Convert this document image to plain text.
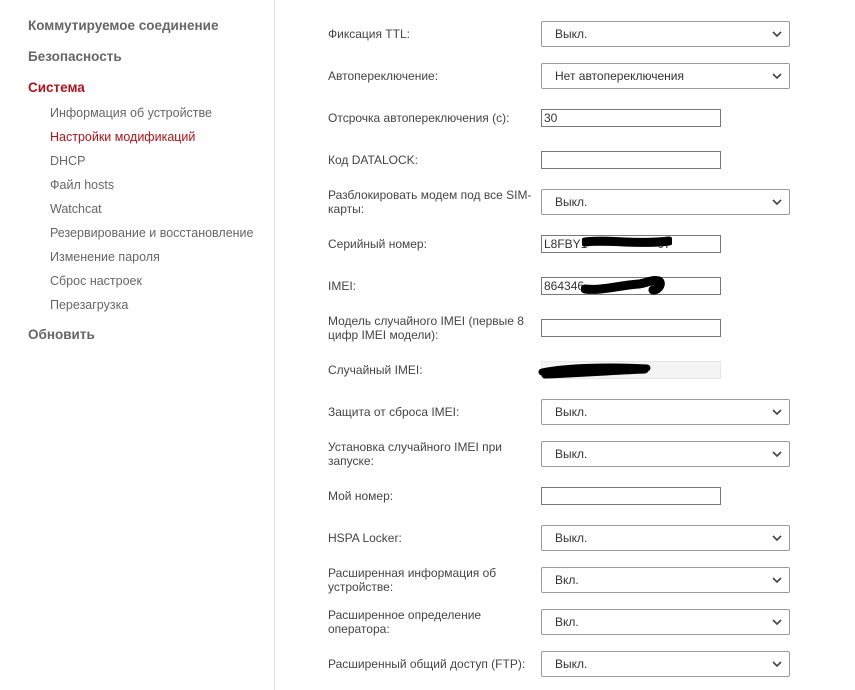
Коммутируемое соединение
Безопасность
Система
Информация об устройстве
Настройки модификаций
DHCP
Файл hosts
Watchcat
Резервирование и восстановление
Изменение пароля
Сброс настроек
Перезагрузка
Обновить
Фиксация TTL:	Выкл.
Автопереключение:	Нет автопереключения
Отсрочка автопереключения (с):	30
Код DATALOCK:
Разблокировать модем под все SIM-карты:	Выкл.
Серийный номер:	L8FBY1	07
IMEI:	864346	3
Модель случайного IMEI (первые 8 цифр IMEI модели):
Случайный IMEI:
Защита от сброса IMEI:	Выкл.
Установка случайного IMEI при запуске:	Выкл.
Мой номер:
HSPA Locker:	Выкл.
Расширенная информация об устройстве:	Вкл.
Расширенное определение оператора:	Вкл.
Расширенный общий доступ (FTP):	Выкл.
